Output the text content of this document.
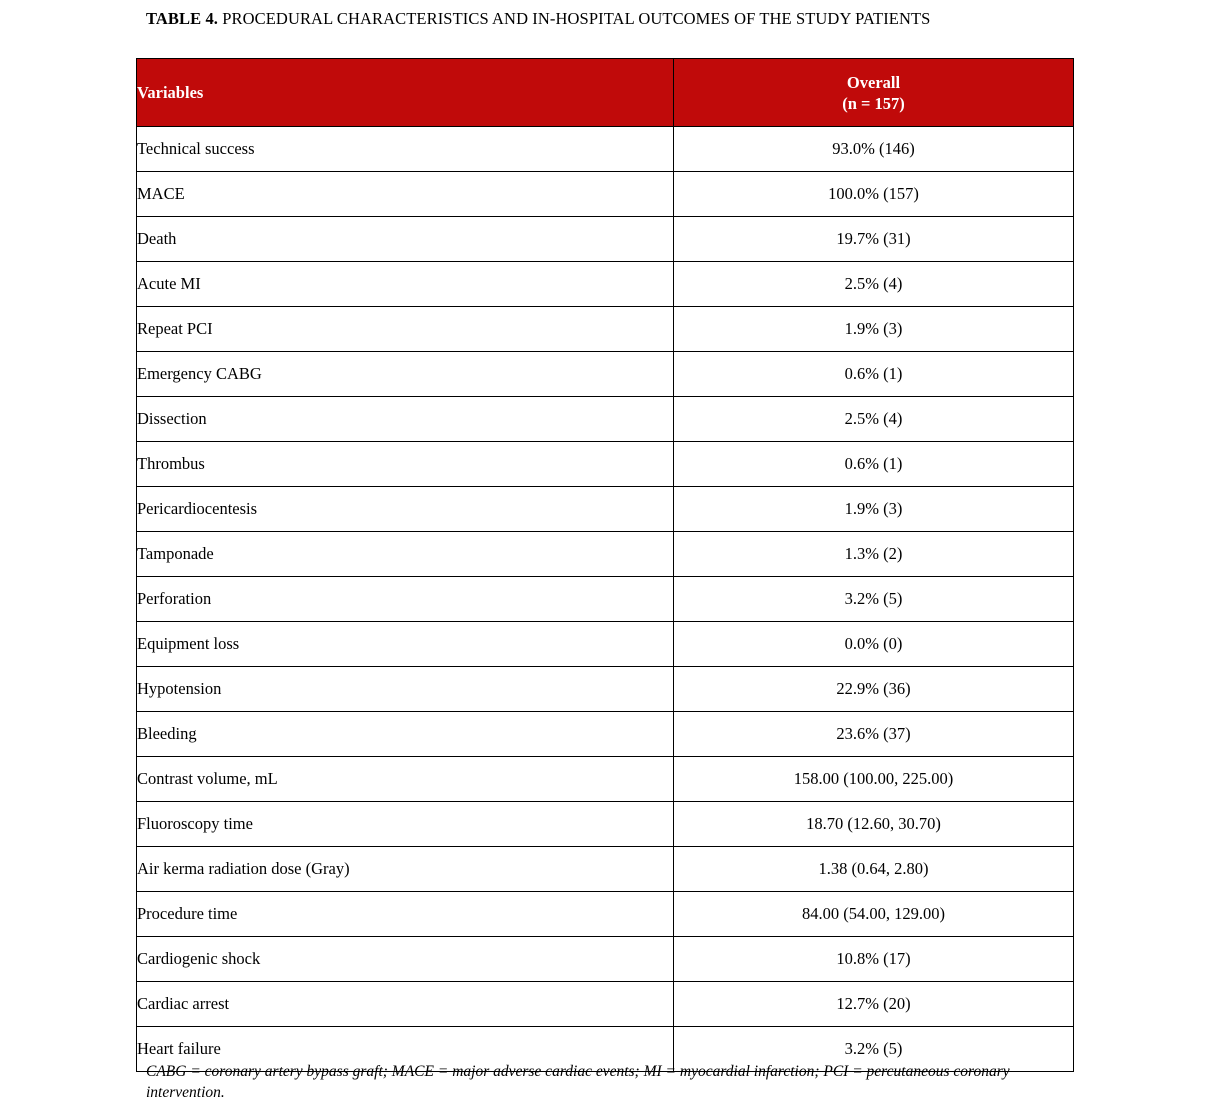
TABLE 4. PROCEDURAL CHARACTERISTICS AND IN-HOSPITAL OUTCOMES OF THE STUDY PATIENTS
Variables	Overall
(n = 157)

Technical success	93.0% (146)
MACE	100.0% (157)
Death	19.7% (31)
Acute MI	2.5% (4)
Repeat PCI	1.9% (3)
Emergency CABG	0.6% (1)
Dissection	2.5% (4)
Thrombus	0.6% (1)
Pericardiocentesis	1.9% (3)
Tamponade	1.3% (2)
Perforation	3.2% (5)
Equipment loss	0.0% (0)
Hypotension	22.9% (36)
Bleeding	23.6% (37)
Contrast volume, mL	158.00 (100.00, 225.00)
Fluoroscopy time	18.70 (12.60, 30.70)
Air kerma radiation dose (Gray)	1.38 (0.64, 2.80)
Procedure time	84.00 (54.00, 129.00)
Cardiogenic shock	10.8% (17)
Cardiac arrest	12.7% (20)
Heart failure	3.2% (5)
CABG = coronary artery bypass graft; MACE = major adverse cardiac events; MI = myocardial infarction; PCI = percutaneous coronary intervention.
